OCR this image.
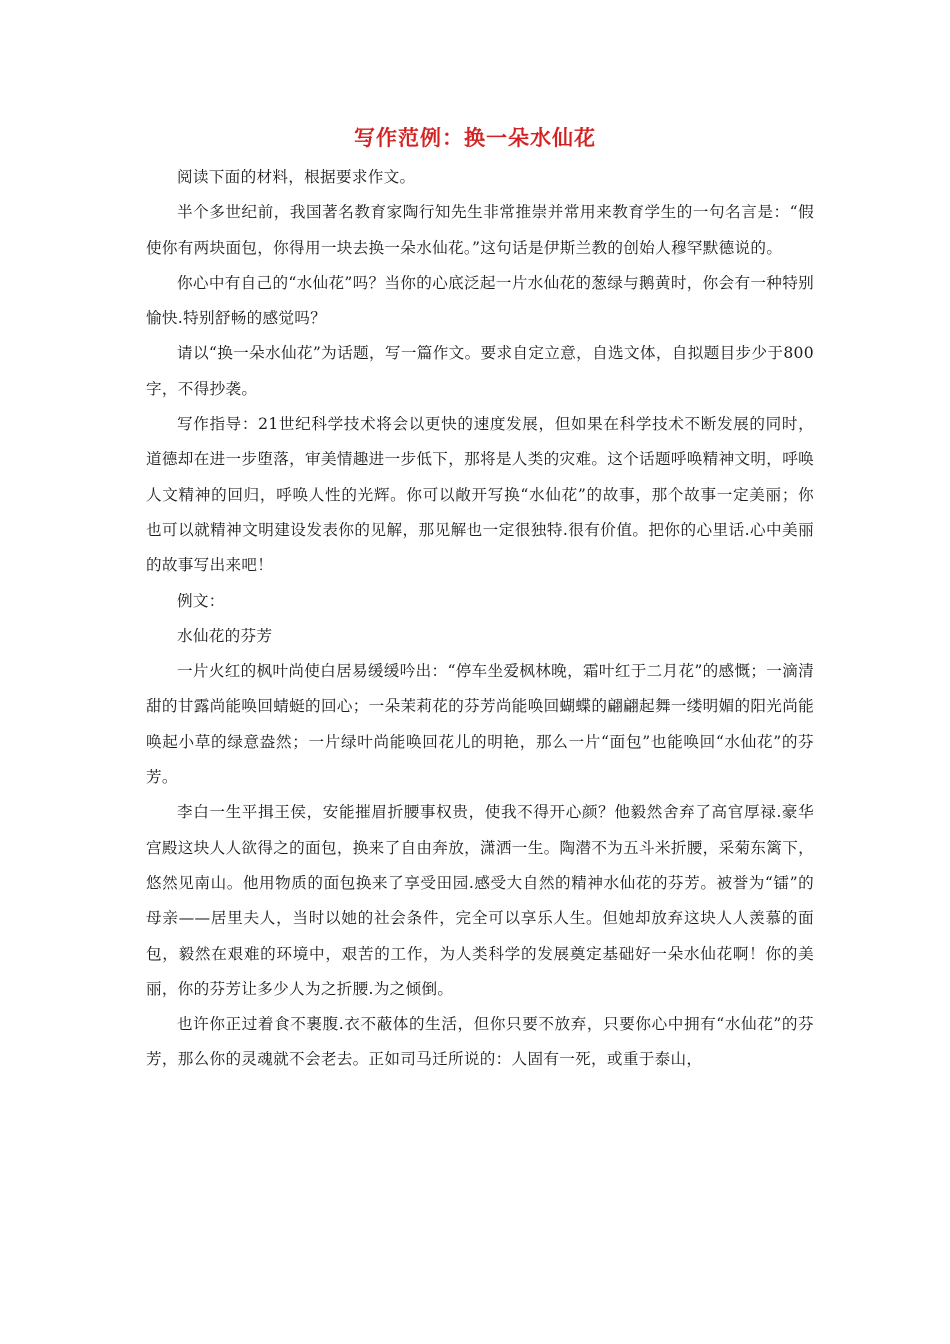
写作范例：换一朵水仙花

阅读下面的材料，根据要求作文。

半个多世纪前，我国著名教育家陶行知先生非常推崇并常用来教育学生的一句名言是：“假使你有两块面包，你得用一块去换一朵水仙花。”这句话是伊斯兰教的创始人穆罕默德说的。

你心中有自己的“水仙花”吗？当你的心底泛起一片水仙花的葱绿与鹅黄时，你会有一种特别愉快.特别舒畅的感觉吗？

请以“换一朵水仙花”为话题，写一篇作文。要求自定立意，自选文体，自拟题目步少于800字，不得抄袭。

写作指导：21世纪科学技术将会以更快的速度发展，但如果在科学技术不断发展的同时，道德却在进一步堕落，审美情趣进一步低下，那将是人类的灾难。这个话题呼唤精神文明，呼唤人文精神的回归，呼唤人性的光辉。你可以敞开写换“水仙花”的故事，那个故事一定美丽；你也可以就精神文明建设发表你的见解，那见解也一定很独特.很有价值。把你的心里话.心中美丽的故事写出来吧！

例文：

水仙花的芬芳

一片火红的枫叶尚使白居易缓缓吟出：“停车坐爱枫林晚，霜叶红于二月花”的感慨；一滴清甜的甘露尚能唤回蜻蜓的回心；一朵茉莉花的芬芳尚能唤回蝴蝶的翩翩起舞一缕明媚的阳光尚能唤起小草的绿意盎然；一片绿叶尚能唤回花儿的明艳，那么一片“面包”也能唤回“水仙花”的芬芳。

李白一生平揖王侯，安能摧眉折腰事权贵，使我不得开心颜？他毅然舍弃了高官厚禄.豪华宫殿这块人人欲得之的面包，换来了自由奔放，潇洒一生。陶潜不为五斗米折腰，采菊东篱下，悠然见南山。他用物质的面包换来了享受田园.感受大自然的精神水仙花的芬芳。被誉为“镭”的母亲——居里夫人，当时以她的社会条件，完全可以享乐人生。但她却放弃这块人人羡慕的面包，毅然在艰难的环境中，艰苦的工作，为人类科学的发展奠定基础好一朵水仙花啊！你的美丽，你的芬芳让多少人为之折腰.为之倾倒。

也许你正过着食不裹腹.衣不蔽体的生活，但你只要不放弃，只要你心中拥有“水仙花”的芬芳，那么你的灵魂就不会老去。正如司马迁所说的：人固有一死，或重于泰山，
